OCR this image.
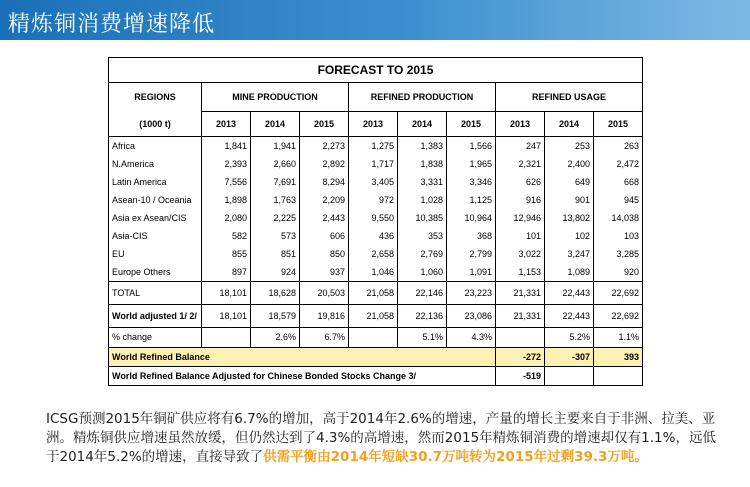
精炼铜消费增速降低
FORECAST TO 2015									
REGIONS	MINE PRODUCTION			REFINED PRODUCTION			REFINED USAGE		
(1000 t)	2013	2014	2015	2013	2014	2015	2013	2014	2015
Africa	1,841	1,941	2,273	1,275	1,383	1,566	247	253	263
N.America	2,393	2,660	2,892	1,717	1,838	1,965	2,321	2,400	2,472
Latin America	7,556	7,691	8,294	3,405	3,331	3,346	626	649	668
Asean-10 / Oceania	1,898	1,763	2,209	972	1,028	1,125	916	901	945
Asia ex Asean/CIS	2,080	2,225	2,443	9,550	10,385	10,964	12,946	13,802	14,038
Asia-CIS	582	573	606	436	353	368	101	102	103
EU	855	851	850	2,658	2,769	2,799	3,022	3,247	3,285
Europe Others	897	924	937	1,046	1,060	1,091	1,153	1,089	920
TOTAL	18,101	18,628	20,503	21,058	22,146	23,223	21,331	22,443	22,692
World adjusted 1/ 2/	18,101	18,579	19,816	21,058	22,136	23,086	21,331	22,443	22,692
% change		2.6%	6.7%		5.1%	4.3%		5.2%	1.1%
World Refined Balance							-272	-307	393
World Refined Balance Adjusted for Chinese Bonded Stocks Change 3/							-519		
ICSG预测2015年铜矿供应将有6.7%的增加，高于2014年2.6%的增速，产量的增长主要来自于非洲、拉美、亚洲。精炼铜供应增速虽然放缓，但仍然达到了4.3%的高增速，然而2015年精炼铜消费的增速却仅有1.1%，远低于2014年5.2%的增速，直接导致了供需平衡由2014年短缺30.7万吨转为2015年过剩39.3万吨。
